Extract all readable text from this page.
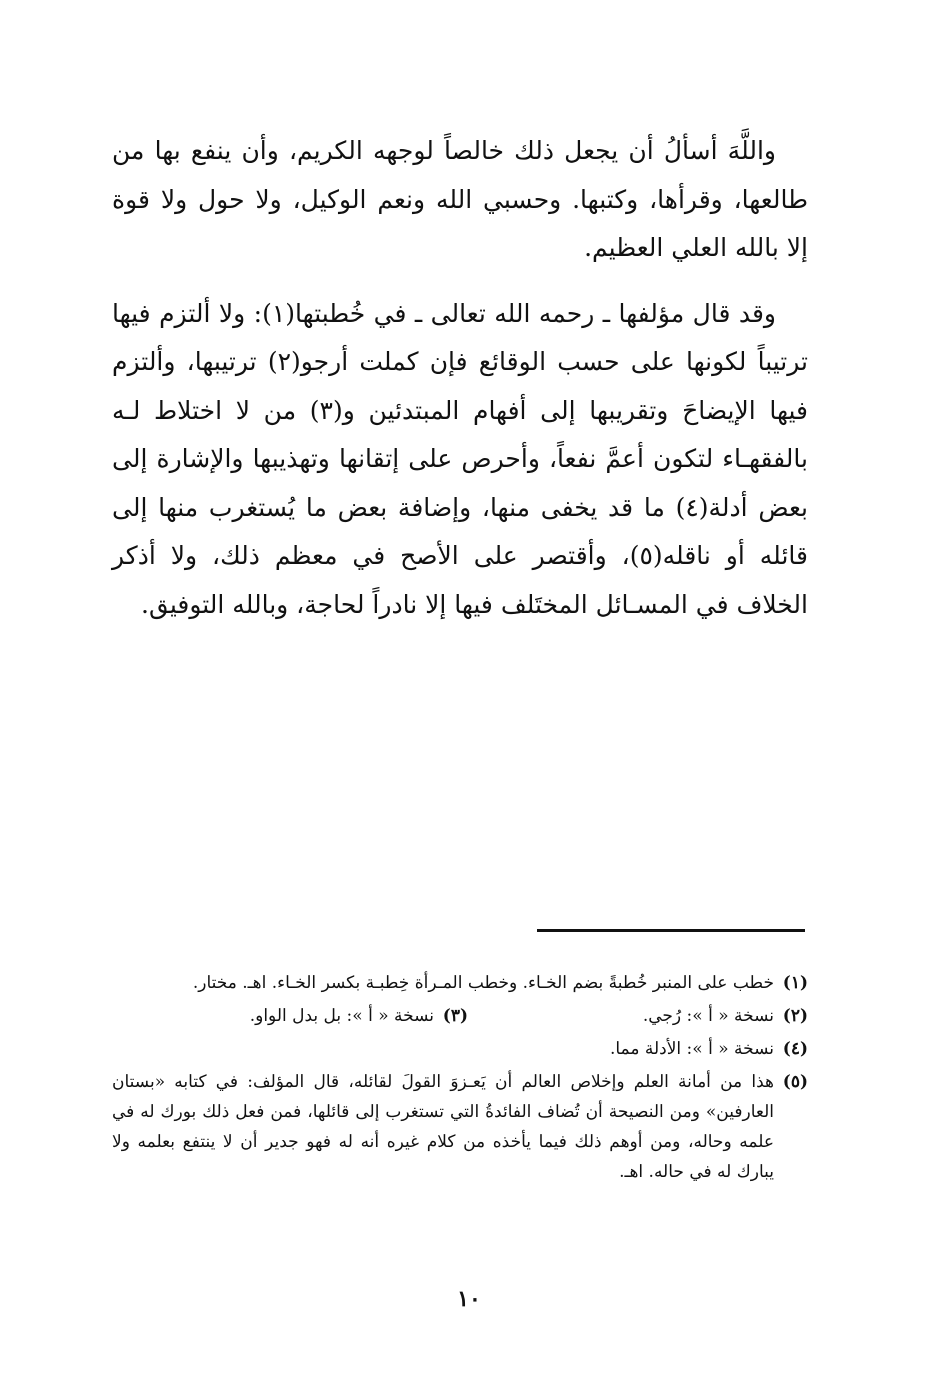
واللَّهَ أسألُ أن يجعل ذلك خالصاً لوجهه الكريم، وأن ينفع بها من طالعها، وقرأها، وكتبها. وحسبي الله ونعم الوكيل، ولا حول ولا قوة إلا بالله العلي العظيم.

وقد قال مؤلفها ـ رحمه الله تعالى ـ في خُطبتها(١): ولا ألتزم فيها ترتيباً لكونها على حسب الوقائع فإن كملت أرجو(٢) ترتيبها، وألتزم فيها الإيضاحَ وتقريبها إلى أفهام المبتدئين و(٣) من لا اختلاط لـه بالفقهـاء لتكون أعمَّ نفعاً، وأحرص على إتقانها وتهذيبها والإشارة إلى بعض أدلة(٤) ما قد يخفى منها، وإضافة بعض ما يُستغرب منها إلى قائله أو ناقله(٥)، وأقتصر على الأصح في معظم ذلك، ولا أذكر الخلاف في المسـائل المختَلف فيها إلا نادراً لحاجة، وبالله التوفيق.

(١)
خطب على المنبر خُطبةً بضم الخـاء. وخطب المـرأة خِطبـة بكسر الخـاء. اهـ. مختار.
(٢)
نسخة « أ »: رُجي.
(٣)
نسخة « أ »: بل بدل الواو.
(٤)
نسخة « أ »: الأدلة مما.
(٥)
هذا من أمانة العلم وإخلاص العالم أن يَعـزوَ القولَ لقائله، قال المؤلف: في كتابه «بستان العارفين» ومن النصيحة أن تُضاف الفائدةُ التي تستغرب إلى قائلها، فمن فعل ذلك بورك له في علمه وحاله، ومن أوهم ذلك فيما يأخذه من كلام غيره أنه له فهو جدير أن لا ينتفع بعلمه ولا يبارك له في حاله. اهـ.
١٠
